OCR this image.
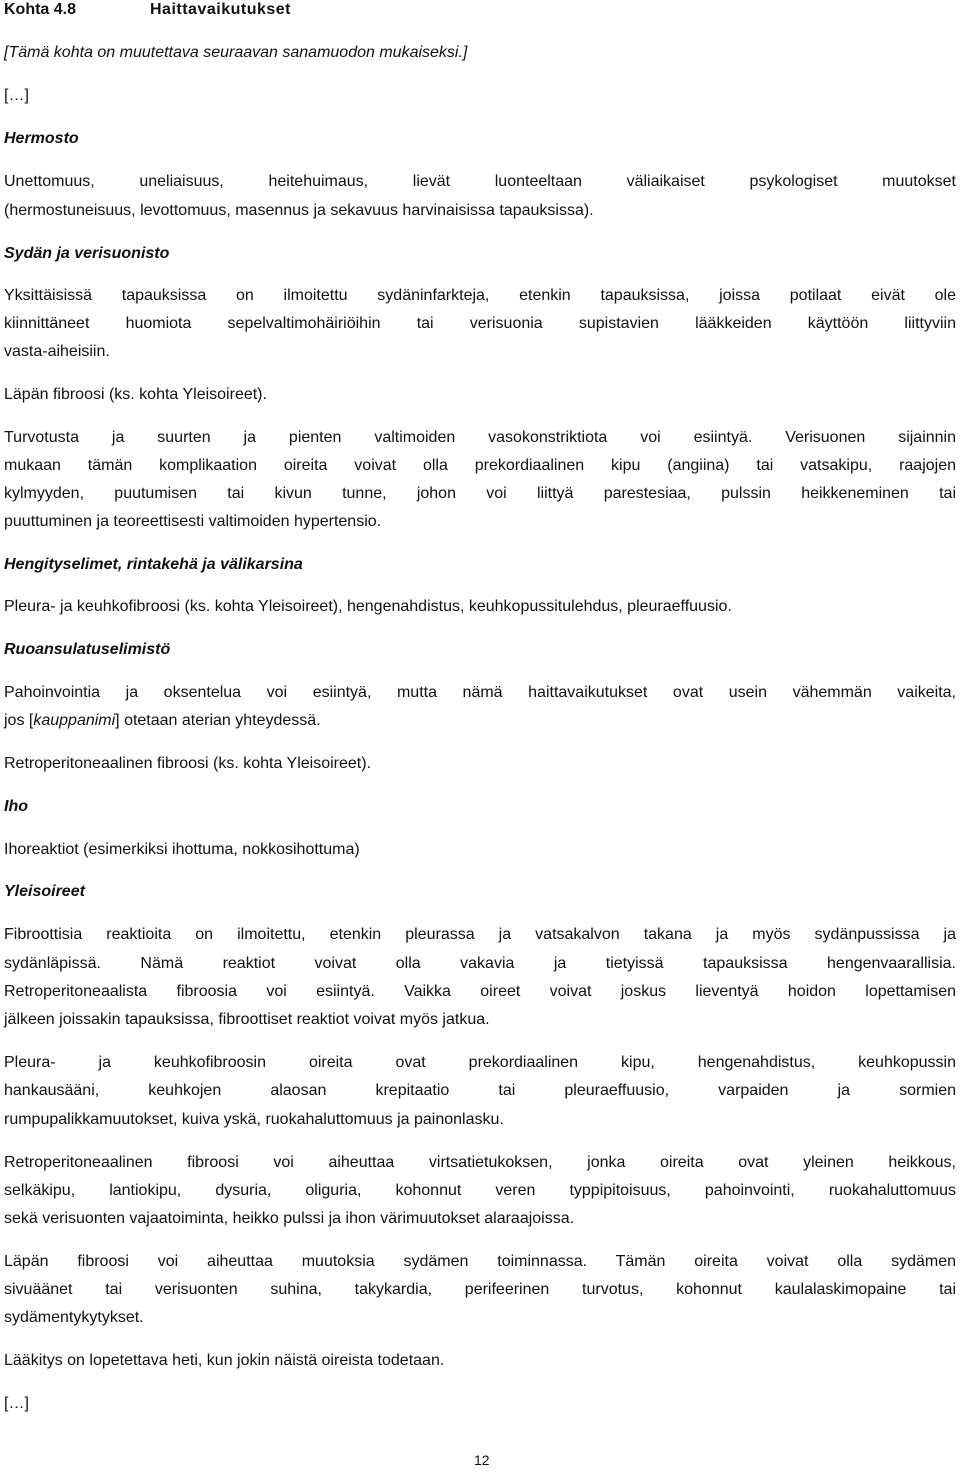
Kohta 4.8	Haittavaikutukset
[Tämä kohta on muutettava seuraavan sanamuodon mukaiseksi.]
[…]
Hermosto
Unettomuus, uneliaisuus, heitehuimaus, lievät luonteeltaan väliaikaiset psykologiset muutokset
(hermostuneisuus, levottomuus, masennus ja sekavuus harvinaisissa tapauksissa).
Sydän ja verisuonisto
Yksittäisissä tapauksissa on ilmoitettu sydäninfarkteja, etenkin tapauksissa, joissa potilaat eivät ole
kiinnittäneet huomiota sepelvaltimohäiriöihin tai verisuonia supistavien lääkkeiden käyttöön liittyviin
vasta-aiheisiin.
Läpän fibroosi (ks. kohta Yleisoireet).
Turvotusta ja suurten ja pienten valtimoiden vasokonstriktiota voi esiintyä. Verisuonen sijainnin
mukaan tämän komplikaation oireita voivat olla prekordiaalinen kipu (angiina) tai vatsakipu, raajojen
kylmyyden, puutumisen tai kivun tunne, johon voi liittyä parestesiaa, pulssin heikkeneminen tai
puuttuminen ja teoreettisesti valtimoiden hypertensio.
Hengityselimet, rintakehä ja välikarsina
Pleura- ja keuhkofibroosi (ks. kohta Yleisoireet), hengenahdistus, keuhkopussitulehdus, pleuraeffuusio.
Ruoansulatuselimistö
Pahoinvointia ja oksentelua voi esiintyä, mutta nämä haittavaikutukset ovat usein vähemmän vaikeita,
jos [kauppanimi] otetaan aterian yhteydessä.
Retroperitoneaalinen fibroosi (ks. kohta Yleisoireet).
Iho
Ihoreaktiot (esimerkiksi ihottuma, nokkosihottuma)
Yleisoireet
Fibroottisia reaktioita on ilmoitettu, etenkin pleurassa ja vatsakalvon takana ja myös sydänpussissa ja
sydänläpissä. Nämä reaktiot voivat olla vakavia ja tietyissä tapauksissa hengenvaarallisia.
Retroperitoneaalista fibroosia voi esiintyä. Vaikka oireet voivat joskus lieventyä hoidon lopettamisen
jälkeen joissakin tapauksissa, fibroottiset reaktiot voivat myös jatkua.
Pleura- ja keuhkofibroosin oireita ovat prekordiaalinen kipu, hengenahdistus, keuhkopussin
hankausääni, keuhkojen alaosan krepitaatio tai pleuraeffuusio, varpaiden ja sormien
rumpupalikkamuutokset, kuiva yskä, ruokahaluttomuus ja painonlasku.
Retroperitoneaalinen fibroosi voi aiheuttaa virtsatietukoksen, jonka oireita ovat yleinen heikkous,
selkäkipu, lantiokipu, dysuria, oliguria, kohonnut veren typpipitoisuus, pahoinvointi, ruokahaluttomuus
sekä verisuonten vajaatoiminta, heikko pulssi ja ihon värimuutokset alaraajoissa.
Läpän fibroosi voi aiheuttaa muutoksia sydämen toiminnassa. Tämän oireita voivat olla sydämen
sivuäänet tai verisuonten suhina, takykardia, perifeerinen turvotus, kohonnut kaulalaskimopaine tai
sydämentykytykset.
Lääkitys on lopetettava heti, kun jokin näistä oireista todetaan.
[…]
12
